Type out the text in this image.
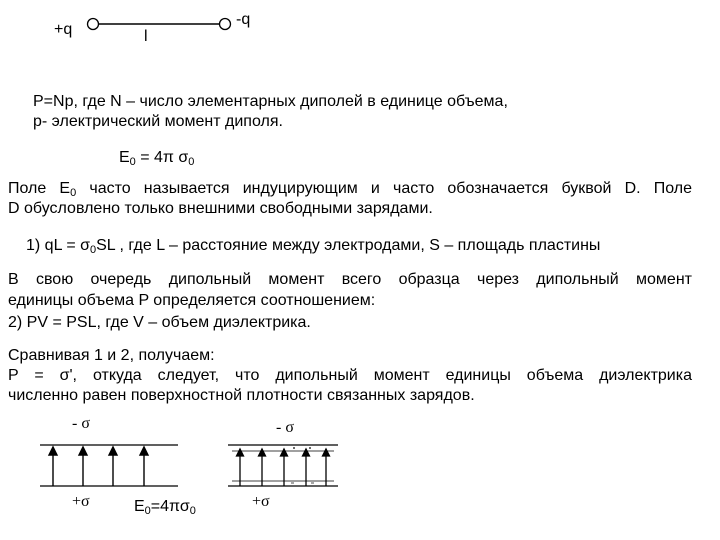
+q
-q
l
P=Np, где N – число элементарных диполей в единице объема,
p- электрический момент диполя.
$E_0 = 4\pi$ $\sigma_0$
Поле $E_0$ часто называется индуцирующим и часто обозначается буквой D. Поле
D обусловлено только внешними свободными зарядами.
1) qL = $\sigma_0SL$ , где L – расстояние между электродами, S – площадь пластины
В свою очередь дипольный момент всего образца через дипольный момент
единицы объема P определяется соотношением:
2) PV = PSL, где V – объем диэлектрика.
Сравнивая 1 и 2, получаем:
P = σ', откуда следует, что дипольный момент единицы объема диэлектрика
численно равен поверхностной плотности связанных зарядов.
- σ
+σ	$E_0=4\pi\sigma_0$
- σ
+σ
